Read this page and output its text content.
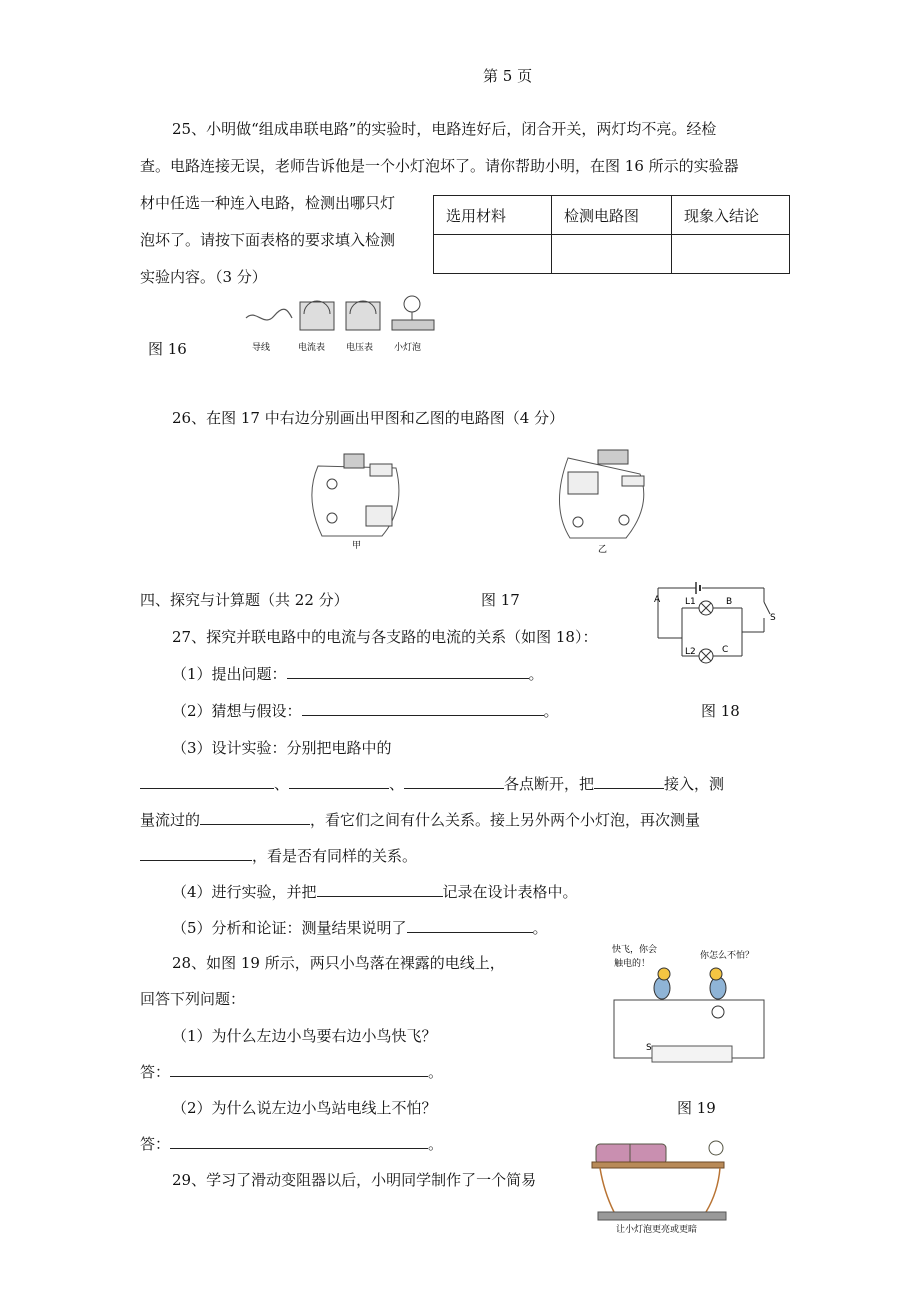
第 5 页
25、小明做“组成串联电路”的实验时，电路连好后，闭合开关，两灯均不亮。经检
查。电路连接无误，老师告诉他是一个小灯泡坏了。请你帮助小明，在图 16 所示的实验器
材中任选一种连入电路，检测出哪只灯
泡坏了。请按下面表格的要求填入检测
实验内容。（3 分）
选用材料	检测电路图	现象入结论

图 16	导线	电流表 电压表 小灯泡
26、在图 17 中右边分别画出甲图和乙图的电路图（4 分）
甲	乙
四、探究与计算题（共 22 分）	图 17	A	L1	B
L2	C
S
27、探究并联电路中的电流与各支路的电流的关系（如图 18）：
（1）提出问题：	。
（2）猜想与假设：	。	图 18
（3）设计实验：分别把电路中的
、	、	各点断开，把	接入，测
量流过的	，看它们之间有什么关系。接上另外两个小灯泡，再次测量
，看是否有同样的关系。
（4）进行实验，并把	记录在设计表格中。
（5）分析和论证：测量结果说明了	。
快飞，你会
触电的！
你怎么不怕？
S
28、如图 19 所示，两只小鸟落在裸露的电线上，
回答下列问题：
（1）为什么左边小鸟要右边小鸟快飞？
答：	。
（2）为什么说左边小鸟站电线上不怕？	图 19
答：	。
让小灯泡更亮或更暗
29、学习了滑动变阻器以后，小明同学制作了一个简易
